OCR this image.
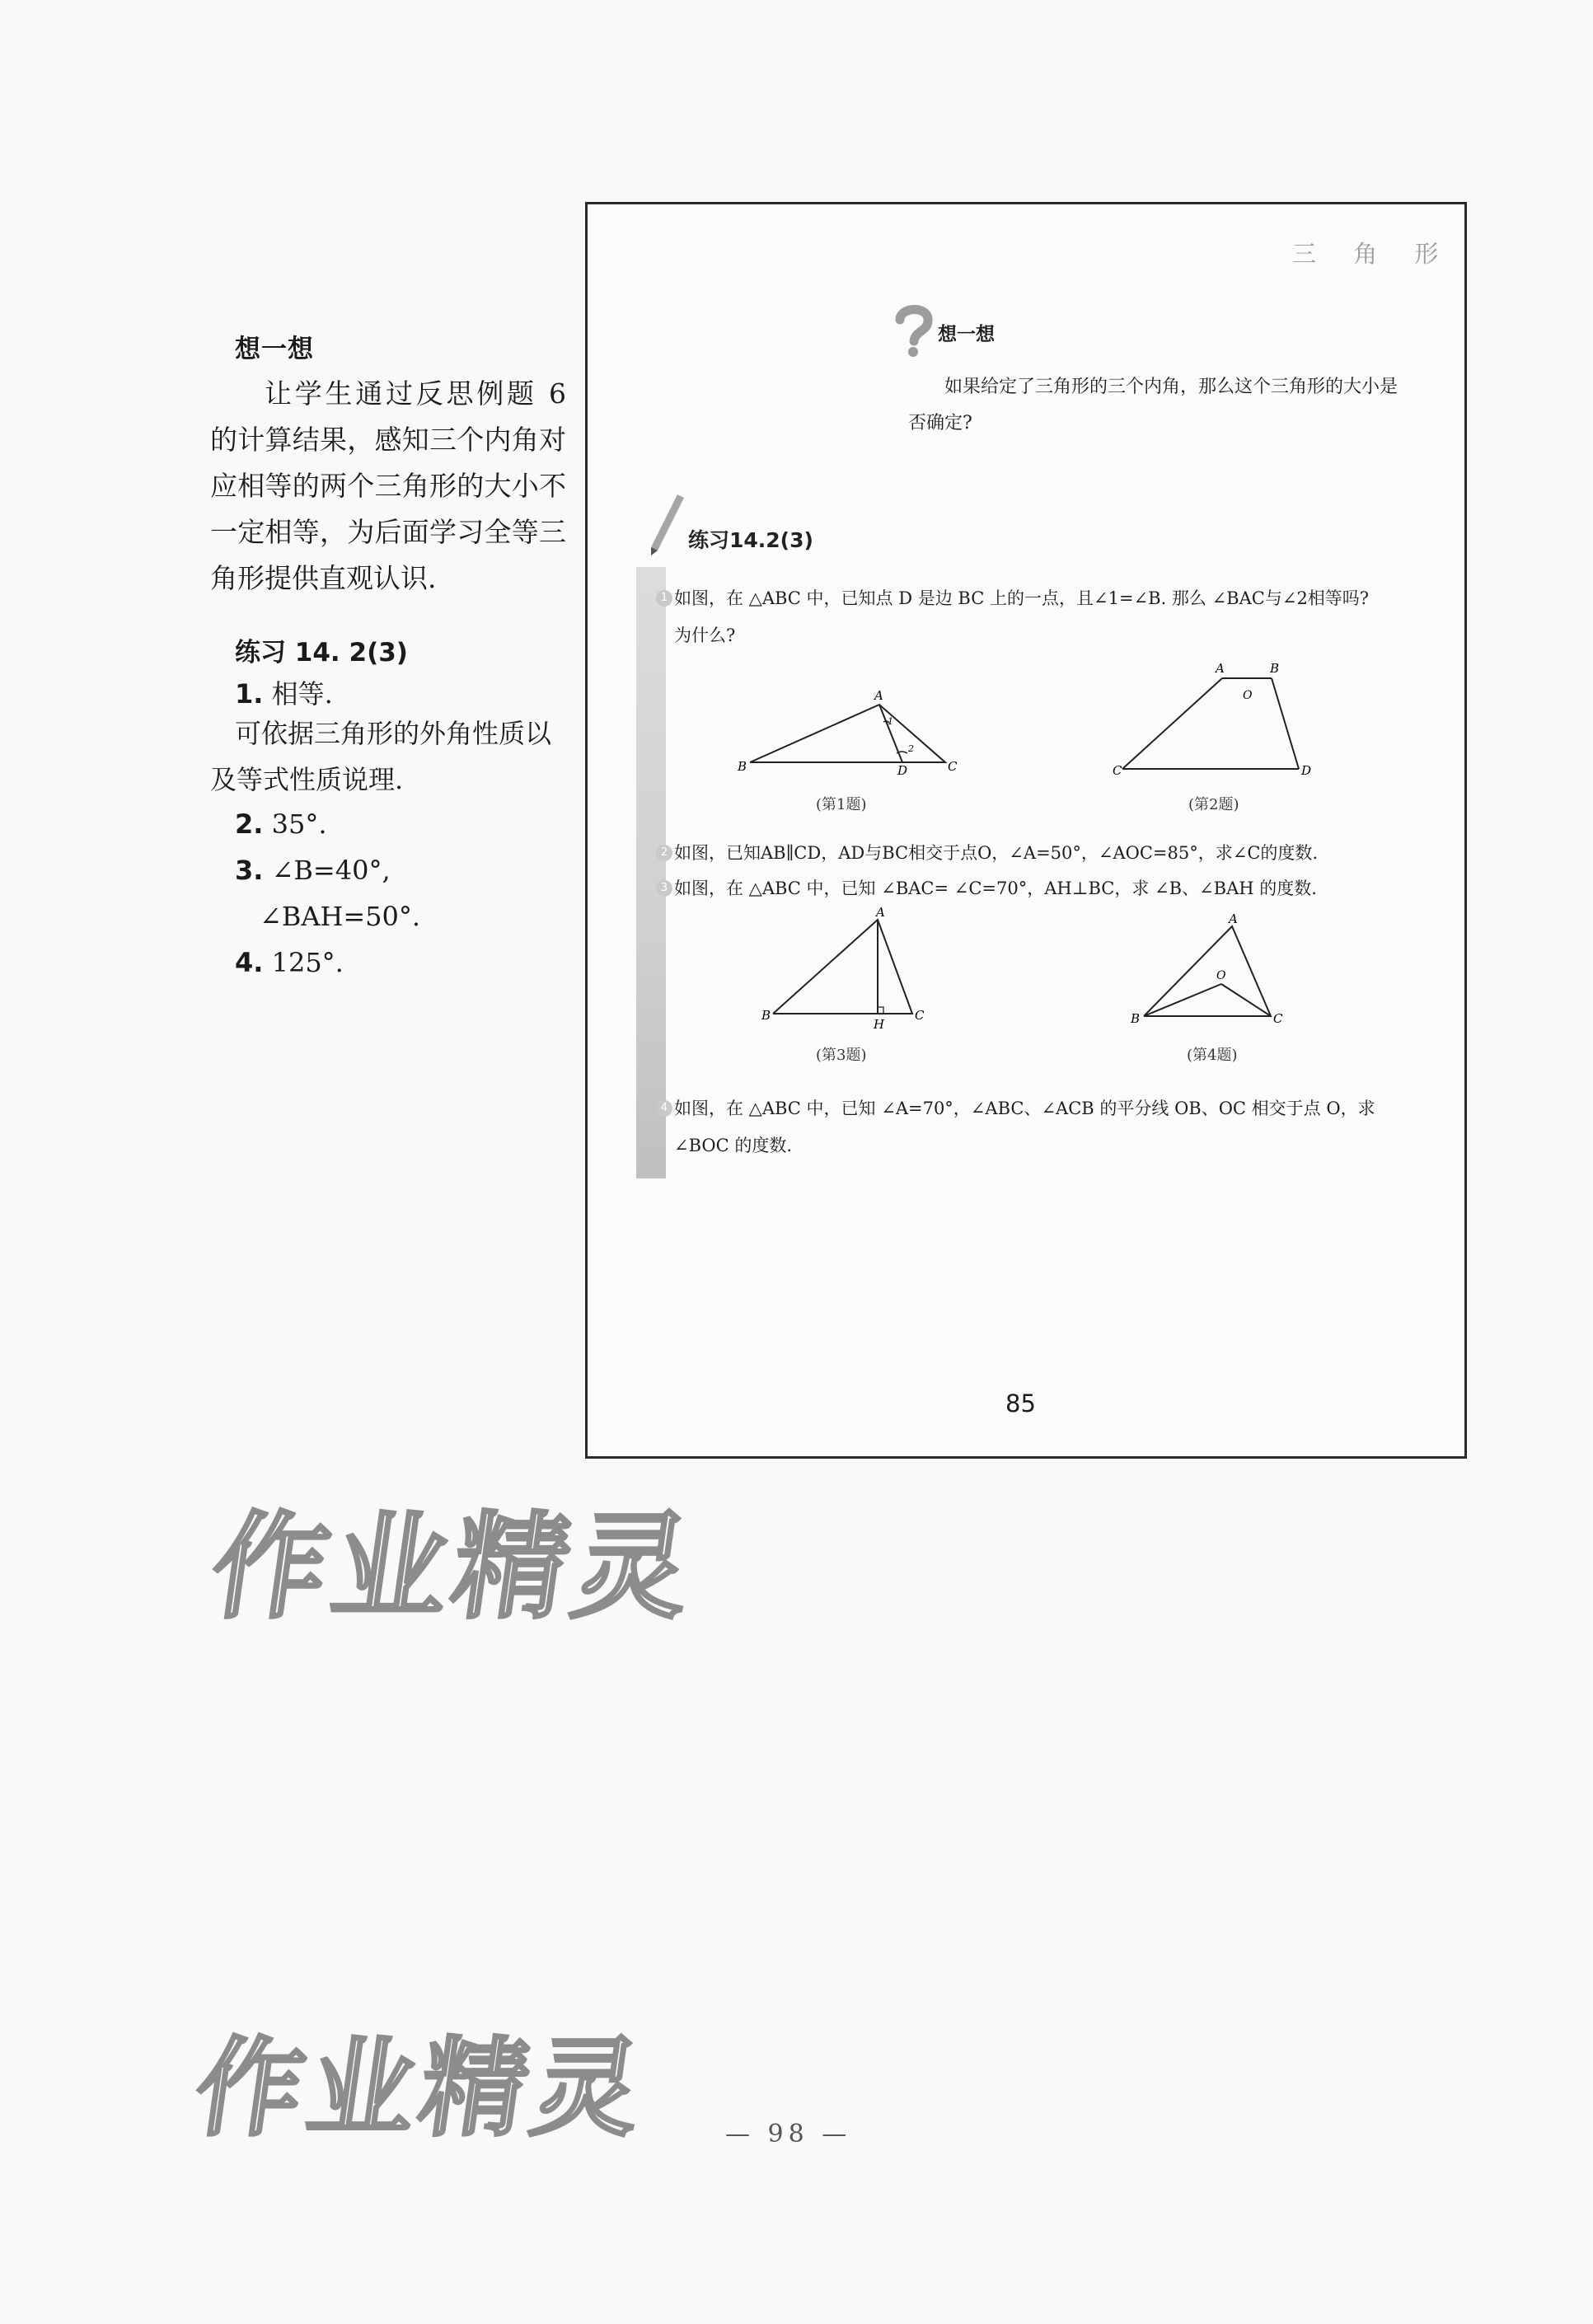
想一想
让学生通过反思例题 6 的计算结果，感知三个内角对应相等的两个三角形的大小不一定相等，为后面学习全等三角形提供直观认识.
练习 14. 2(3)
1. 相等.
可依据三角形的外角性质以及等式性质说理.
2. 35°.
3. ∠B=40°,
∠BAH=50°.
4. 125°.
三 角 形
想一想
如果给定了三角形的三个内角，那么这个三角形的大小是否确定?
练习14.2(3)
1 如图，在 △ABC 中，已知点 D 是边 BC 上的一点，且∠1=∠B. 那么 ∠BAC与∠2相等吗?
为什么?
A
B	C
D
1
2
(第1题)
A	B
C	D
O
(第2题)
2 如图，已知AB∥CD，AD与BC相交于点O，∠A=50°，∠AOC=85°，求∠C的度数.
3 如图，在 △ABC 中，已知 ∠BAC= ∠C=70°，AH⊥BC，求 ∠B、∠BAH 的度数.
A
B	C
H
(第3题)
A
B	C
O
(第4题)
4 如图，在 △ABC 中，已知 ∠A=70°，∠ABC、∠ACB 的平分线 OB、OC 相交于点 O，求
∠BOC 的度数.
85
作业精灵
作业精灵	— 98 —
